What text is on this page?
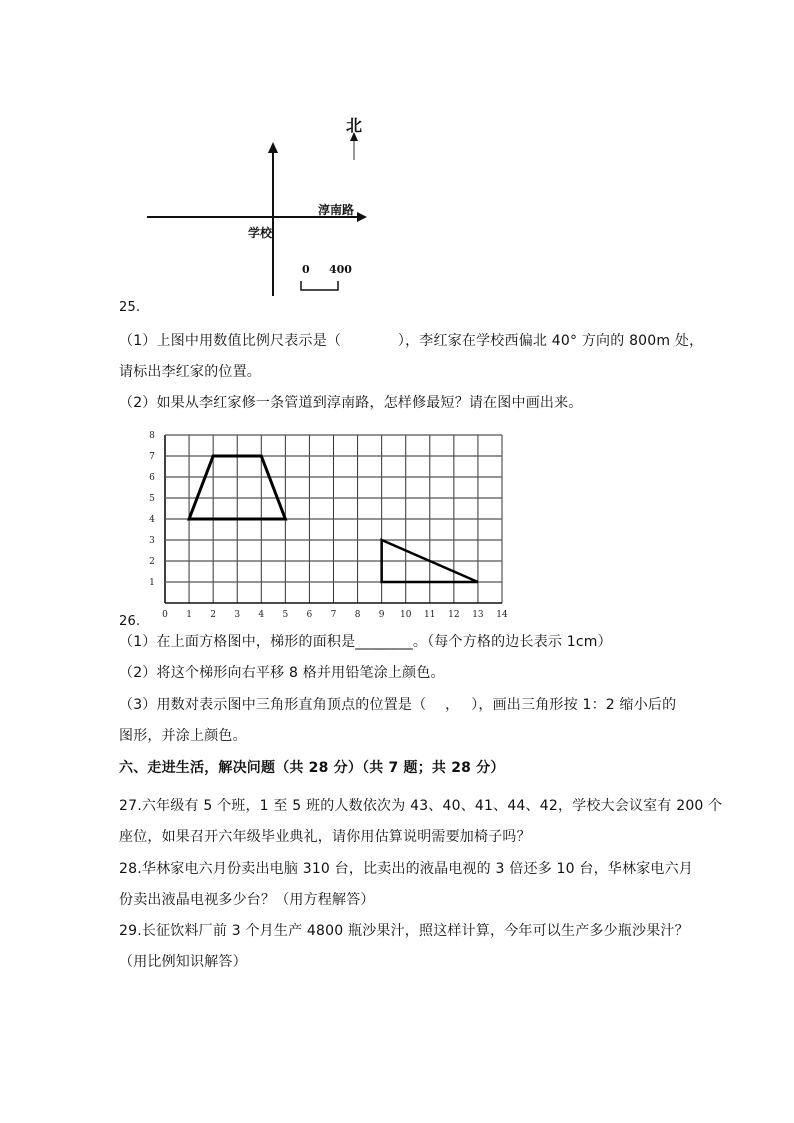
北
淳南路
学校
0 400
25.
（1）上图中用数值比例尺表示是（　　　　），李红家在学校西偏北 40° 方向的 800m 处，
请标出李红家的位置。
（2）如果从李红家修一条管道到淳南路，怎样修最短？请在图中画出来。
0 1 2 3 4 5 6 7 8 9 10 11 12 13 14
1
2
3
4
5
6
7
8
26.
（1）在上面方格图中，梯形的面积是________。（每个方格的边长表示 1cm）
（2）将这个梯形向右平移 8 格并用铅笔涂上颜色。
（3）用数对表示图中三角形直角顶点的位置是（　 ，　 ），画出三角形按 1：2 缩小后的
图形，并涂上颜色。
六、走进生活，解决问题（共 28 分）（共 7 题；共 28 分）
27.六年级有 5 个班，1 至 5 班的人数依次为 43、40、41、44、42，学校大会议室有 200 个
座位，如果召开六年级毕业典礼，请你用估算说明需要加椅子吗？
28.华林家电六月份卖出电脑 310 台，比卖出的液晶电视的 3 倍还多 10 台，华林家电六月
份卖出液晶电视多少台？（用方程解答）
29.长征饮料厂前 3 个月生产 4800 瓶沙果汁，照这样计算，今年可以生产多少瓶沙果汁？
（用比例知识解答）
